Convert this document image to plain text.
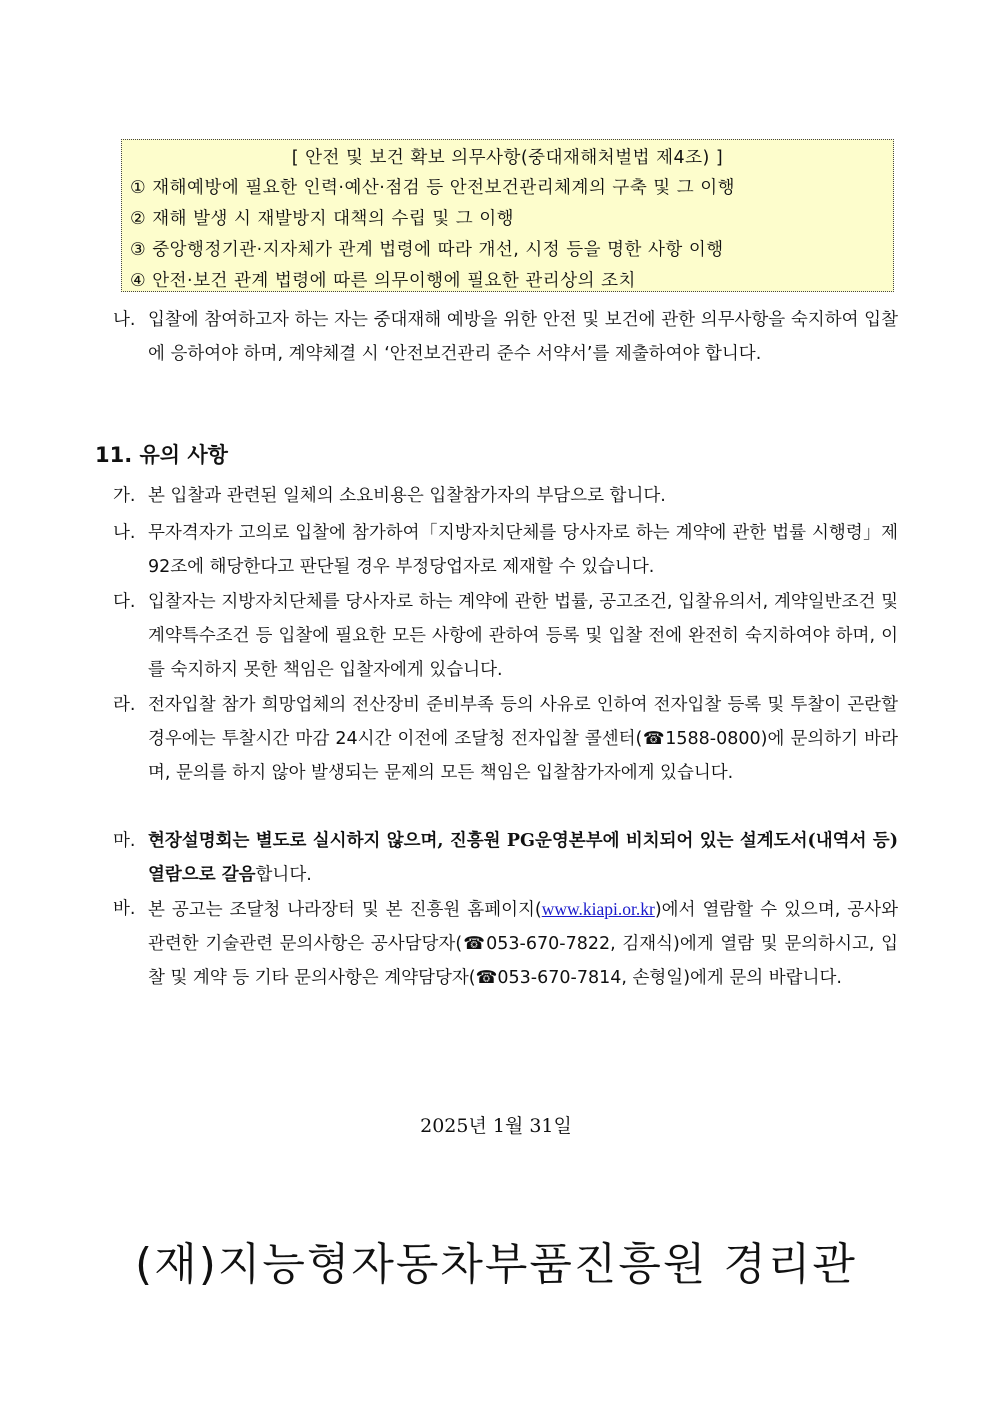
[ 안전 및 보건 확보 의무사항(중대재해처벌법 제4조) ]
① 재해예방에 필요한 인력·예산·점검 등 안전보건관리체계의 구축 및 그 이행
② 재해 발생 시 재발방지 대책의 수립 및 그 이행
③ 중앙행정기관·지자체가 관계 법령에 따라 개선, 시정 등을 명한 사항 이행
④ 안전·보건 관계 법령에 따른 의무이행에 필요한 관리상의 조치
나. 입찰에 참여하고자 하는 자는 중대재해 예방을 위한 안전 및 보건에 관한 의무사항을 숙지하여 입찰에 응하여야 하며, 계약체결 시 ‘안전보건관리 준수 서약서’를 제출하여야 합니다.
11. 유의 사항
가. 본 입찰과 관련된 일체의 소요비용은 입찰참가자의 부담으로 합니다.
나. 무자격자가 고의로 입찰에 참가하여「지방자치단체를 당사자로 하는 계약에 관한 법률 시행령」제92조에 해당한다고 판단될 경우 부정당업자로 제재할 수 있습니다.
다. 입찰자는 지방자치단체를 당사자로 하는 계약에 관한 법률, 공고조건, 입찰유의서, 계약일반조건 및 계약특수조건 등 입찰에 필요한 모든 사항에 관하여 등록 및 입찰 전에 완전히 숙지하여야 하며, 이를 숙지하지 못한 책임은 입찰자에게 있습니다.
라. 전자입찰 참가 희망업체의 전산장비 준비부족 등의 사유로 인하여 전자입찰 등록 및 투찰이 곤란할 경우에는 투찰시간 마감 24시간 이전에 조달청 전자입찰 콜센터(☎1588-0800)에 문의하기 바라며, 문의를 하지 않아 발생되는 문제의 모든 책임은 입찰참가자에게 있습니다.
마. 현장설명회는 별도로 실시하지 않으며, 진흥원 PG운영본부에 비치되어 있는 설계도서(내역서 등) 열람으로 갈음합니다.
바. 본 공고는 조달청 나라장터 및 본 진흥원 홈페이지(www.kiapi.or.kr)에서 열람할 수 있으며, 공사와 관련한 기술관련 문의사항은 공사담당자(☎053-670-7822, 김재식)에게 열람 및 문의하시고, 입찰 및 계약 등 기타 문의사항은 계약담당자(☎053-670-7814, 손형일)에게 문의 바랍니다.
2025년 1월 31일
(재)지능형자동차부품진흥원 경리관
